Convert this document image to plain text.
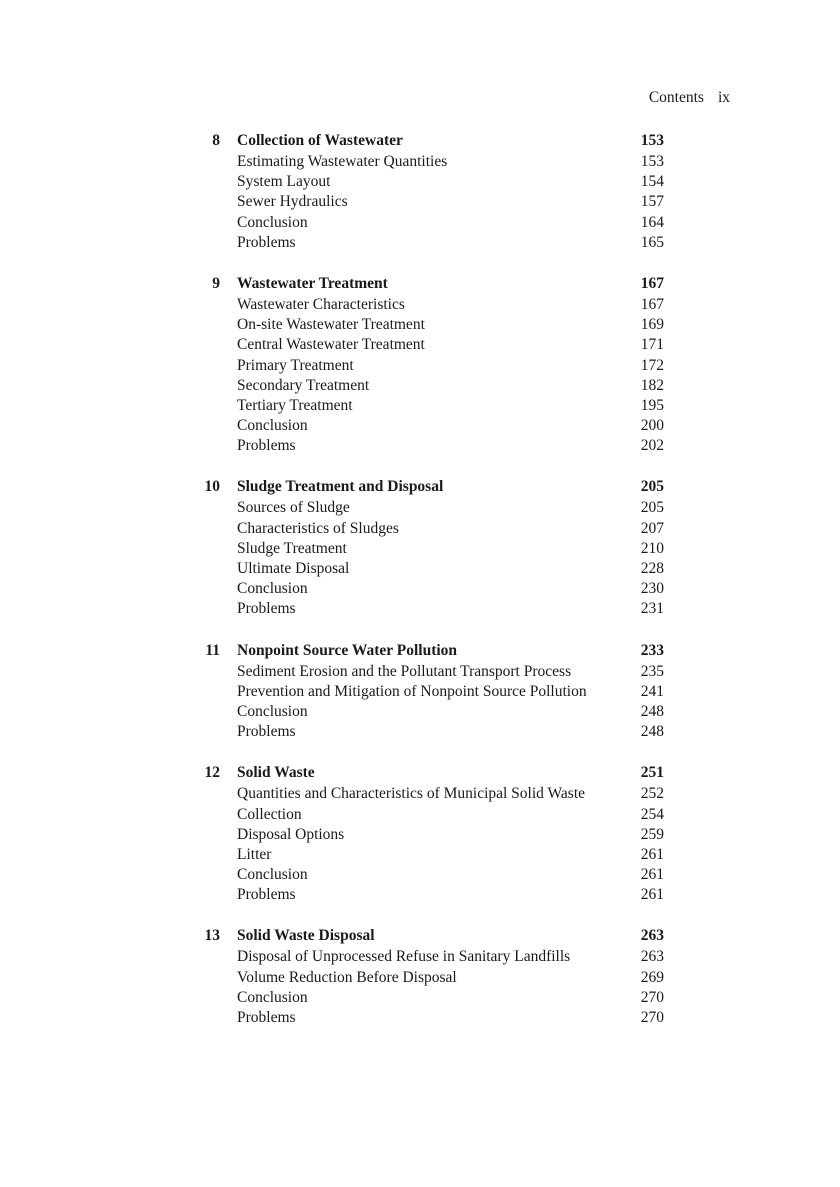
Contents ix
8 Collection of Wastewater	153
Estimating Wastewater Quantities	153
System Layout	154
Sewer Hydraulics	157
Conclusion	164
Problems	165
9 Wastewater Treatment	167
Wastewater Characteristics	167
On-site Wastewater Treatment	169
Central Wastewater Treatment	171
Primary Treatment	172
Secondary Treatment	182
Tertiary Treatment	195
Conclusion	200
Problems	202
10 Sludge Treatment and Disposal	205
Sources of Sludge	205
Characteristics of Sludges	207
Sludge Treatment	210
Ultimate Disposal	228
Conclusion	230
Problems	231
11 Nonpoint Source Water Pollution	233
Sediment Erosion and the Pollutant Transport Process	235
Prevention and Mitigation of Nonpoint Source Pollution	241
Conclusion	248
Problems	248
12 Solid Waste	251
Quantities and Characteristics of Municipal Solid Waste	252
Collection	254
Disposal Options	259
Litter	261
Conclusion	261
Problems	261
13 Solid Waste Disposal	263
Disposal of Unprocessed Refuse in Sanitary Landfills	263
Volume Reduction Before Disposal	269
Conclusion	270
Problems	270
